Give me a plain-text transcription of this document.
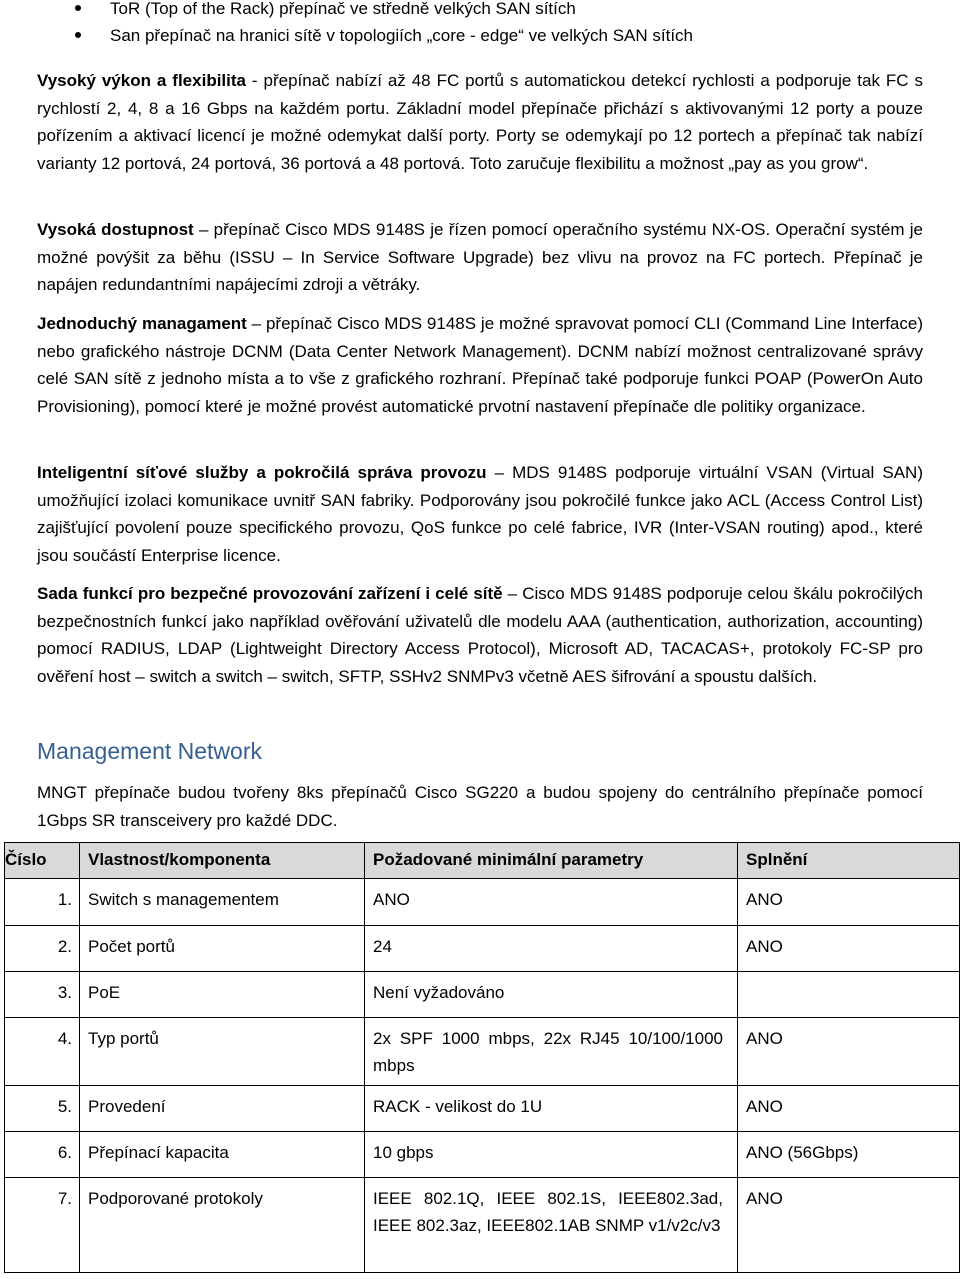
ToR (Top of the Rack) přepínač ve středně velkých SAN sítích
San přepínač na hranici sítě v topologiích „core - edge“ ve velkých SAN sítích

Vysoký výkon a flexibilita - přepínač nabízí až 48 FC portů s automatickou detekcí rychlosti a podporuje tak FC s rychlostí 2, 4, 8 a 16 Gbps na každém portu. Základní model přepínače přichází s aktivovanými 12 porty a pouze pořízením a aktivací licencí je možné odemykat další porty. Porty se odemykají po 12 portech a přepínač tak nabízí varianty 12 portová, 24 portová, 36 portová a 48 portová. Toto zaručuje flexibilitu a možnost „pay as you grow“.

Vysoká dostupnost – přepínač Cisco MDS 9148S je řízen pomocí operačního systému NX-OS. Operační systém je možné povýšit za běhu (ISSU – In Service Software Upgrade) bez vlivu na provoz na FC portech. Přepínač je napájen redundantními napájecími zdroji a větráky.

Jednoduchý managament – přepínač Cisco MDS 9148S je možné spravovat pomocí CLI (Command Line Interface) nebo grafického nástroje DCNM (Data Center Network Management). DCNM nabízí možnost centralizované správy celé SAN sítě z jednoho místa a to vše z grafického rozhraní. Přepínač také podporuje funkci POAP (PowerOn Auto Provisioning), pomocí které je možné provést automatické prvotní nastavení přepínače dle politiky organizace.

Inteligentní síťové služby a pokročilá správa provozu – MDS 9148S podporuje virtuální VSAN (Virtual SAN) umožňující izolaci komunikace uvnitř SAN fabriky. Podporovány jsou pokročilé funkce jako ACL (Access Control List) zajišťující povolení pouze specifického provozu, QoS funkce po celé fabrice, IVR (Inter-VSAN routing) apod., které jsou součástí Enterprise licence.

Sada funkcí pro bezpečné provozování zařízení i celé sítě – Cisco MDS 9148S podporuje celou škálu pokročilých bezpečnostních funkcí jako například ověřování uživatelů dle modelu AAA (authentication, authorization, accounting) pomocí RADIUS, LDAP (Lightweight Directory Access Protocol), Microsoft AD, TACACAS+, protokoly FC-SP pro ověření host – switch a switch – switch, SFTP, SSHv2 SNMPv3 včetně AES šifrování a spoustu dalších.

Management Network

MNGT přepínače budou tvořeny 8ks přepínačů Cisco SG220 a budou spojeny do centrálního přepínače pomocí 1Gbps SR transceivery pro každé DDC.

Číslo	Vlastnost/komponenta	Požadované minimální parametry	Splnění
1.	Switch s managementem	ANO	ANO
2.	Počet portů	24	ANO
3.	PoE	Není vyžadováno	
4.	Typ portů	2x SPF 1000 mbps, 22x RJ45 10/100/1000 mbps	ANO
5.	Provedení	RACK - velikost do 1U	ANO
6.	Přepínací kapacita	10 gbps	ANO (56Gbps)
7.	Podporované protokoly	IEEE 802.1Q, IEEE 802.1S, IEEE802.3ad, IEEE 802.3az, IEEE802.1AB SNMP v1/v2c/v3	ANO
